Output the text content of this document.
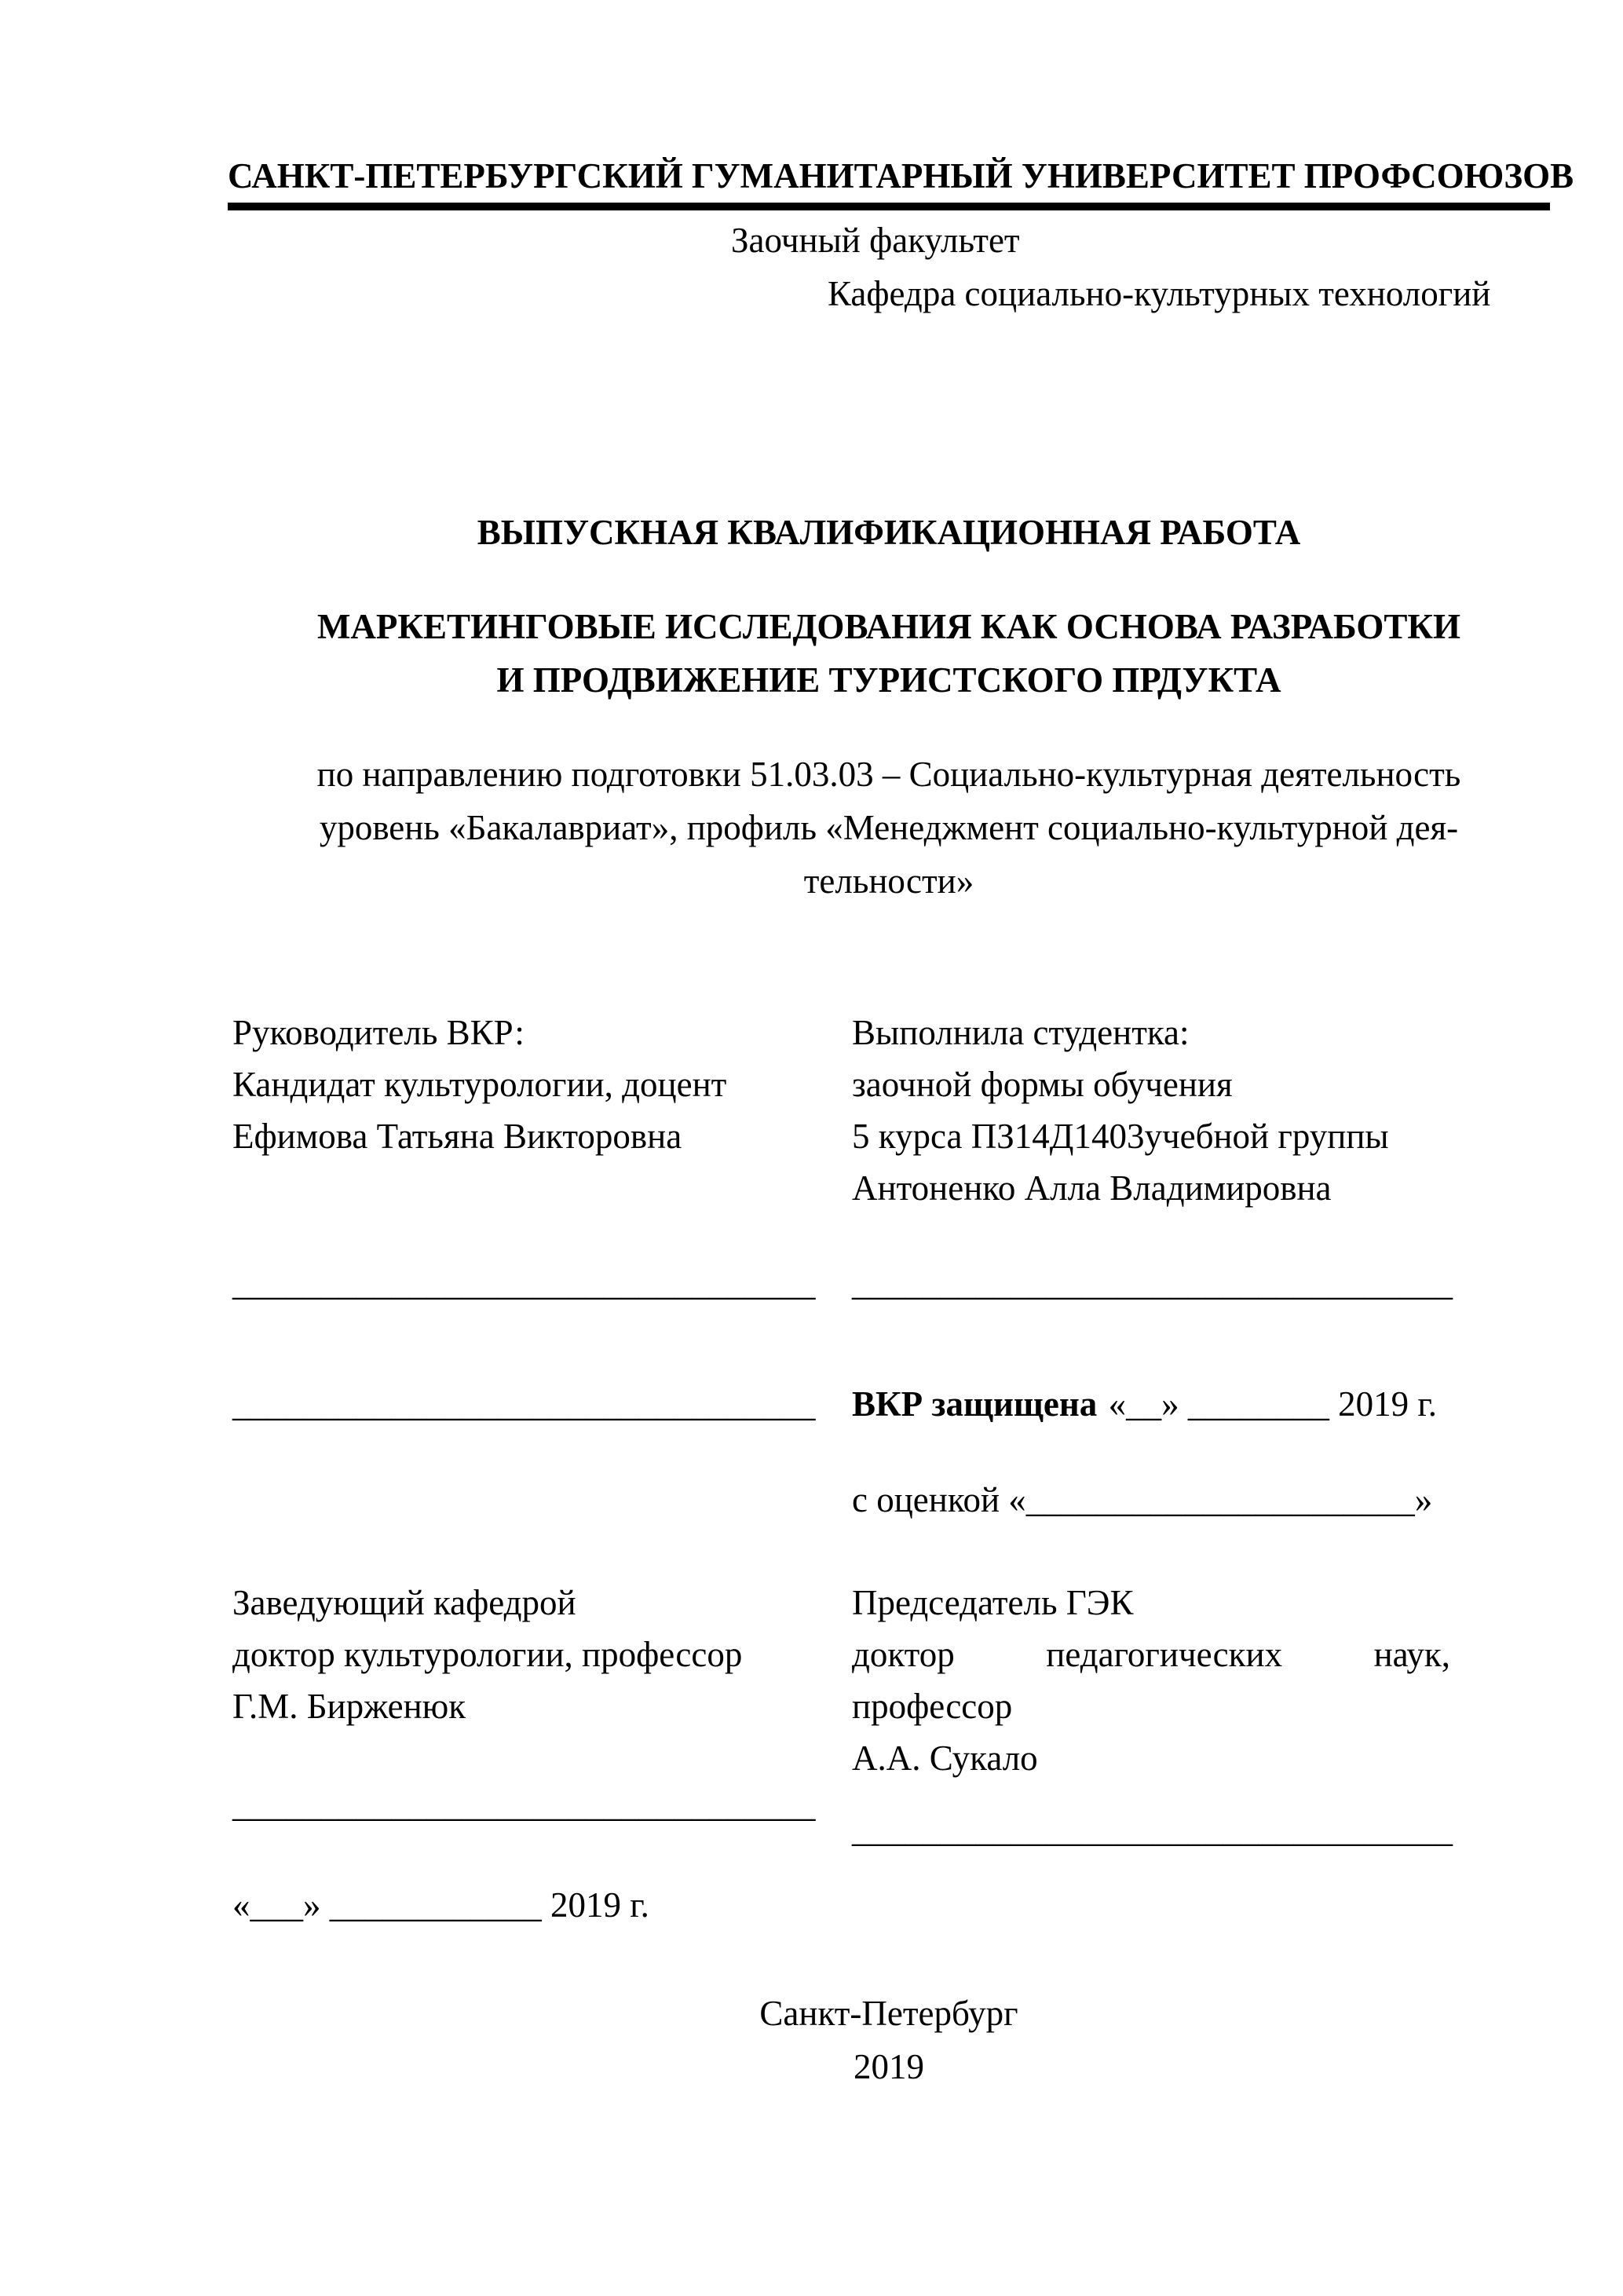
САНКТ-ПЕТЕРБУРГСКИЙ ГУМАНИТАРНЫЙ УНИВЕРСИТЕТ ПРОФСОЮЗОВ
Заочный факультет
Кафедра социально-культурных технологий
ВЫПУСКНАЯ КВАЛИФИКАЦИОННАЯ РАБОТА
МАРКЕТИНГОВЫЕ ИССЛЕДОВАНИЯ КАК ОСНОВА РАЗРАБОТКИ
И ПРОДВИЖЕНИЕ ТУРИСТСКОГО ПРДУКТА
по направлению подготовки 51.03.03 – Социально-культурная деятельность
уровень «Бакалавриат», профиль «Менеджмент социально-культурной дея-
тельности»
Руководитель ВКР:
Кандидат культурологии, доцент
Ефимова Татьяна Викторовна
Выполнила студентка:
заочной формы обучения
5 курса ПЗ14Д1403учебной группы
Антоненко Алла Владимировна
_________________________________ __________________________________
_________________________________ ВКР защищена «__» ________ 2019 г.
с оценкой «______________________»
Заведующий кафедрой
доктор культурологии, профессор
Г.М. Бирженюк
Председатель ГЭК
доктор педагогических наук,
профессор
А.А. Сукало
_________________________________
__________________________________
«___» ____________ 2019 г.
Санкт-Петербург
2019
